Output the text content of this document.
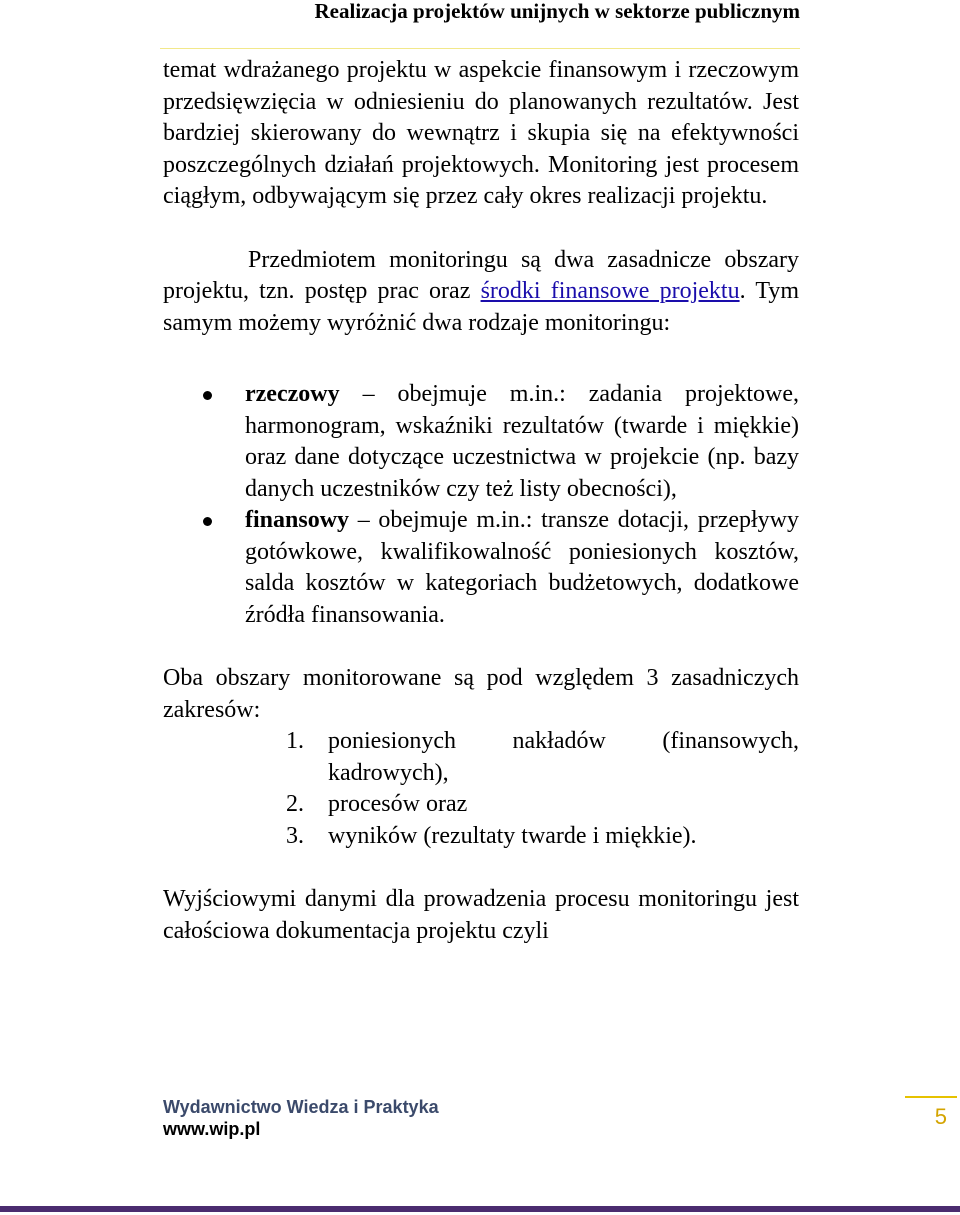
Realizacja projektów unijnych w sektorze publicznym

temat wdrażanego projektu w aspekcie finansowym i rzeczowym przedsięwzięcia w odniesieniu do planowanych rezultatów. Jest bardziej skierowany do wewnątrz i skupia się na efektywności poszczególnych działań projektowych. Monitoring jest procesem ciągłym, odbywającym się przez cały okres realizacji projektu.

Przedmiotem monitoringu są dwa zasadnicze obszary projektu, tzn. postęp prac oraz środki finansowe projektu. Tym samym możemy wyróżnić dwa rodzaje monitoringu:

rzeczowy – obejmuje m.in.: zadania projektowe, harmonogram, wskaźniki rezultatów (twarde i miękkie) oraz dane dotyczące uczestnictwa w projekcie (np. bazy danych uczestników czy też listy obecności),
finansowy – obejmuje m.in.: transze dotacji, przepływy gotówkowe, kwalifikowalność poniesionych kosztów, salda kosztów w kategoriach budżetowych, dodatkowe źródła finansowania.

Oba obszary monitorowane są pod względem 3 zasadniczych zakresów:

1. poniesionych nakładów (finansowych, kadrowych),
2. procesów oraz
3. wyników (rezultaty twarde i miękkie).

Wyjściowymi danymi dla prowadzenia procesu monitoringu jest całościowa dokumentacja projektu czyli

Wydawnictwo Wiedza i Praktyka
www.wip.pl	5
